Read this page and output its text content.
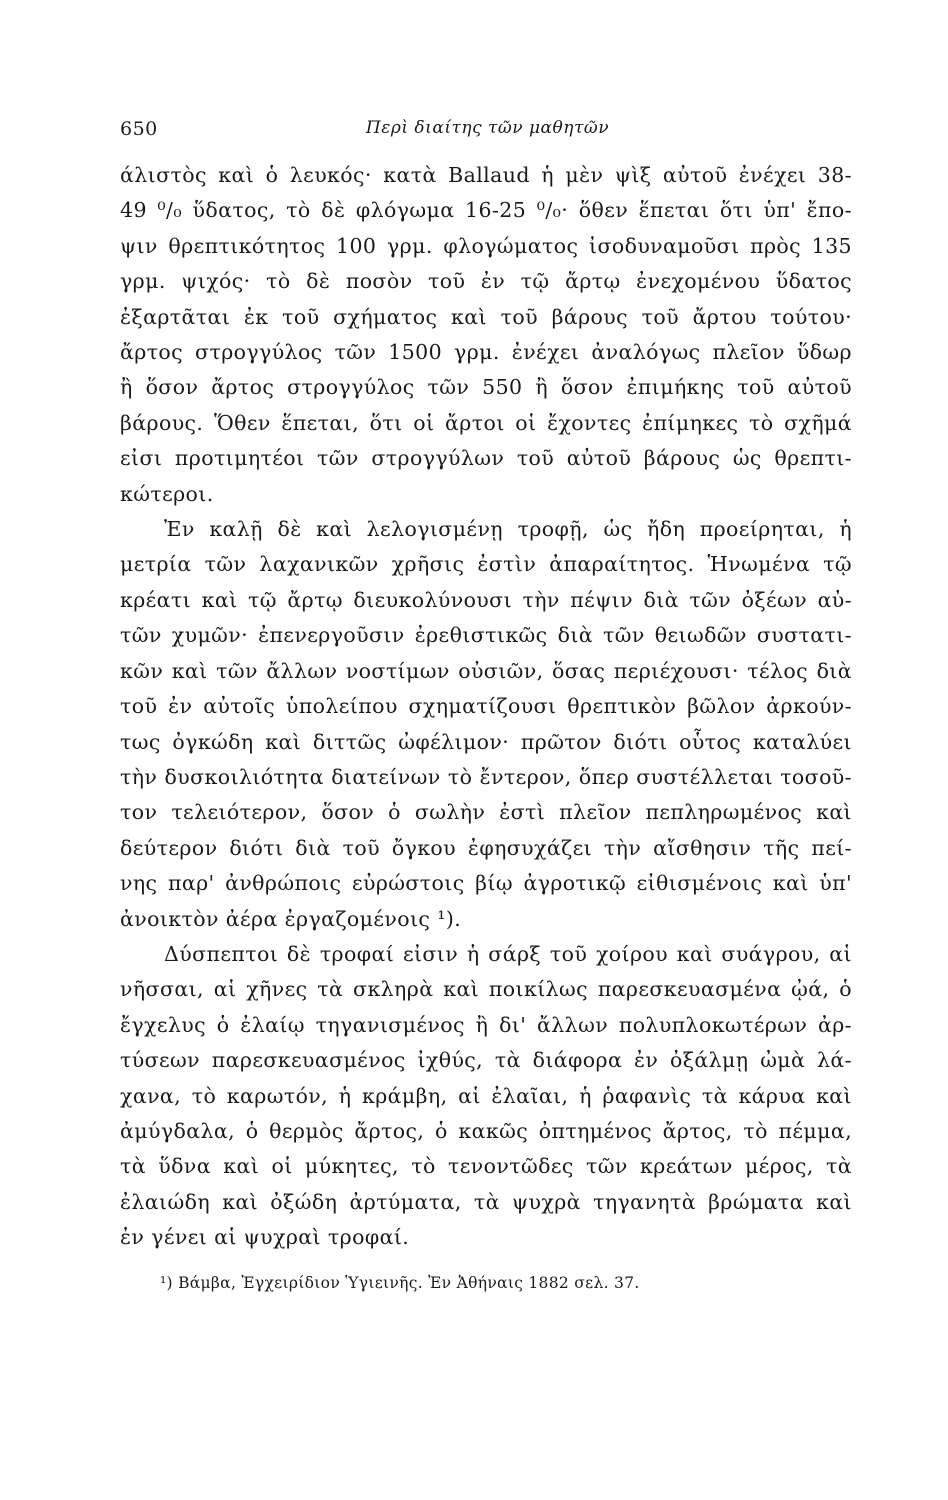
650	Περὶ διαίτης τῶν μαθητῶν
άλιστὸς καὶ ὁ λευκός· κατὰ Ballaud ἡ μὲν ψὶξ αὐτοῦ ἐνέχει 38-
49 ⁰/₀ ὕδατος, τὸ δὲ φλόγωμα 16-25 ⁰/₀· ὅθεν ἕπεται ὅτι ὑπ' ἔπο-
ψιν θρεπτικότητος 100 γρμ. φλογώματος ἰσοδυναμοῦσι πρὸς 135
γρμ. ψιχός· τὸ δὲ ποσὸν τοῦ ἐν τῷ ἄρτῳ ἐνεχομένου ὕδατος
ἐξαρτᾶται ἐκ τοῦ σχήματος καὶ τοῦ βάρους τοῦ ἄρτου τούτου·
ἄρτος στρογγύλος τῶν 1500 γρμ. ἐνέχει ἀναλόγως πλεῖον ὕδωρ
ἢ ὅσον ἄρτος στρογγύλος τῶν 550 ἢ ὅσον ἐπιμήκης τοῦ αὐτοῦ
βάρους. Ὅθεν ἕπεται, ὅτι οἱ ἄρτοι οἱ ἔχοντες ἐπίμηκες τὸ σχῆμά
εἰσι προτιμητέοι τῶν στρογγύλων τοῦ αὐτοῦ βάρους ὡς θρεπτι-
κώτεροι.
Ἐν καλῇ δὲ καὶ λελογισμένῃ τροφῇ, ὡς ἤδη προείρηται, ἡ
μετρία τῶν λαχανικῶν χρῆσις ἐστὶν ἀπαραίτητος. Ἡνωμένα τῷ
κρέατι καὶ τῷ ἄρτῳ διευκολύνουσι τὴν πέψιν διὰ τῶν ὀξέων αὐ-
τῶν χυμῶν· ἐπενεργοῦσιν ἐρεθιστικῶς διὰ τῶν θειωδῶν συστατι-
κῶν καὶ τῶν ἄλλων νοστίμων οὐσιῶν, ὅσας περιέχουσι· τέλος διὰ
τοῦ ἐν αὐτοῖς ὑπολείπου σχηματίζουσι θρεπτικὸν βῶλον ἀρκούν-
τως ὀγκώδη καὶ διττῶς ὠφέλιμον· πρῶτον διότι οὗτος καταλύει
τὴν δυσκοιλιότητα διατείνων τὸ ἔντερον, ὅπερ συστέλλεται τοσοῦ-
τον τελειότερον, ὅσον ὁ σωλὴν ἐστὶ πλεῖον πεπληρωμένος καὶ
δεύτερον διότι διὰ τοῦ ὄγκου ἐφησυχάζει τὴν αἴσθησιν τῆς πεί-
νης παρ' ἀνθρώποις εὐρώστοις βίῳ ἀγροτικῷ εἰθισμένοις καὶ ὑπ'
ἀνοικτὸν ἀέρα ἐργαζομένοις ¹).
Δύσπεπτοι δὲ τροφαί εἰσιν ἡ σάρξ τοῦ χοίρου καὶ συάγρου, αἱ
νῆσσαι, αἱ χῆνες τὰ σκληρὰ καὶ ποικίλως παρεσκευασμένα ᾠά, ὁ
ἔγχελυς ὁ ἐλαίῳ τηγανισμένος ἢ δι' ἄλλων πολυπλοκωτέρων ἀρ-
τύσεων παρεσκευασμένος ἰχθύς, τὰ διάφορα ἐν ὀξάλμῃ ὠμὰ λά-
χανα, τὸ καρωτόν, ἡ κράμβη, αἱ ἐλαῖαι, ἡ ῥαφανὶς τὰ κάρυα καὶ
ἀμύγδαλα, ὁ θερμὸς ἄρτος, ὁ κακῶς ὀπτημένος ἄρτος, τὸ πέμμα,
τὰ ὕδνα καὶ οἱ μύκητες, τὸ τενοντῶδες τῶν κρεάτων μέρος, τὰ
ἐλαιώδη καὶ ὀξώδη ἀρτύματα, τὰ ψυχρὰ τηγανητὰ βρώματα καὶ
ἐν γένει αἱ ψυχραὶ τροφαί.
¹) Βάμβα, Ἐγχειρίδιον Ὑγιεινῆς. Ἐν Ἀθήναις 1882 σελ. 37.
